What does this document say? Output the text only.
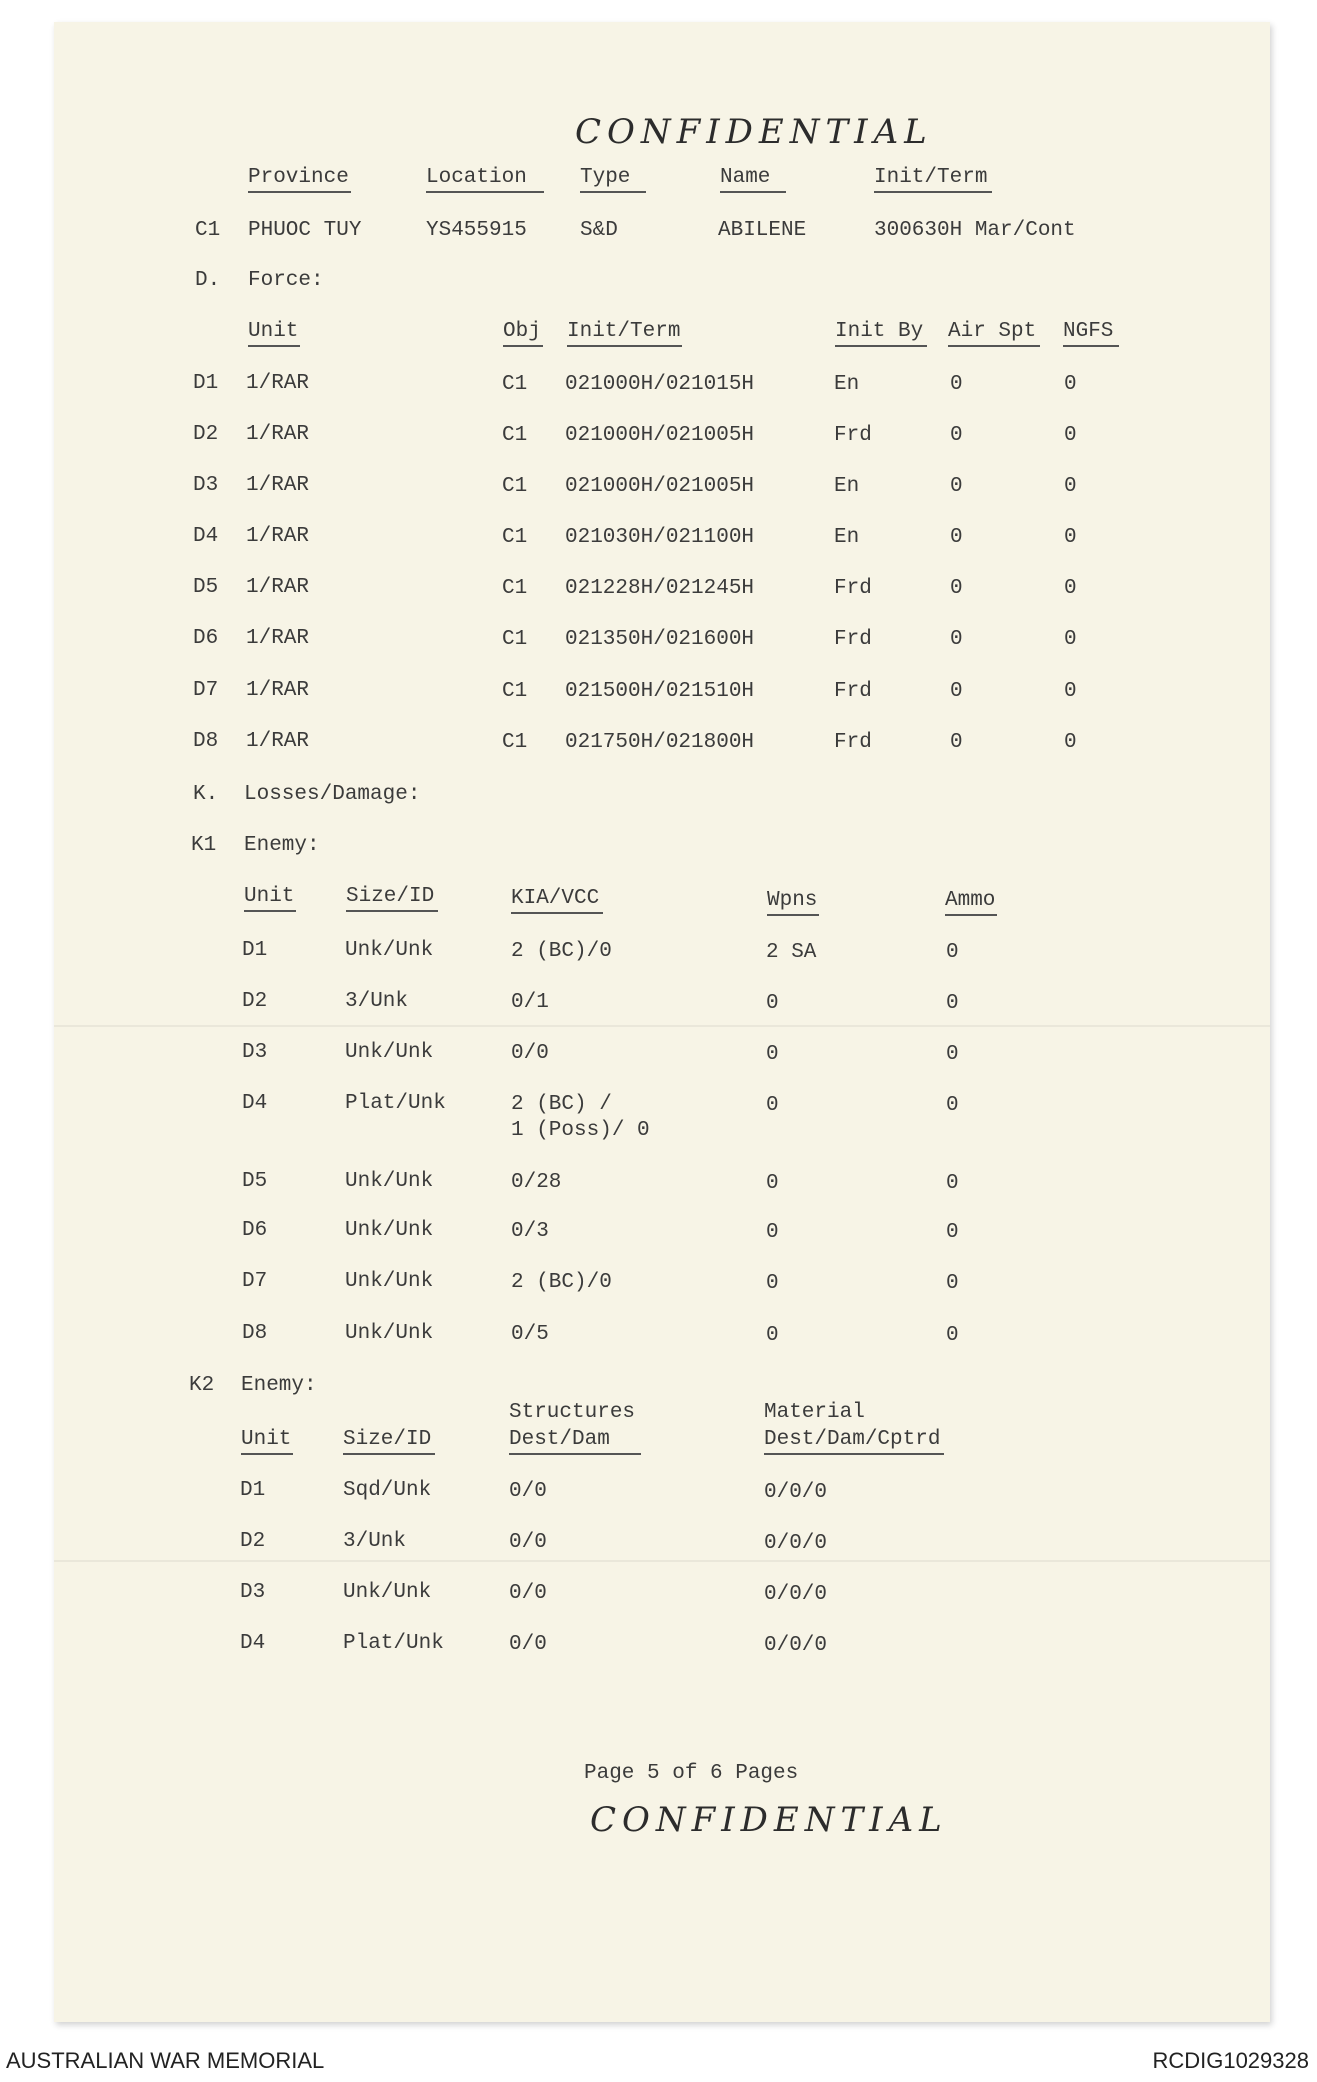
CONFIDENTIAL
Province	Location	Type	Name	Init/Term
C1 PHUOC TUY	YS455915	S&D	ABILENE	300630H Mar/Cont
D. Force:
Unit	Obj Init/Term	Init By Air Spt NGFS
D1 1/RAR	C1 021000H/021015H	En	0	0
D2 1/RAR	C1 021000H/021005H	Frd	0	0
D3 1/RAR	C1 021000H/021005H	En	0	0
D4 1/RAR	C1 021030H/021100H	En	0	0
D5 1/RAR	C1 021228H/021245H	Frd	0	0
D6 1/RAR	C1 021350H/021600H	Frd	0	0
D7 1/RAR	C1 021500H/021510H	Frd	0	0
D8 1/RAR	C1 021750H/021800H	Frd	0	0
K. Losses/Damage:
K1 Enemy:
Unit Size/ID	KIA/VCC	Wpns	Ammo
D1	Unk/Unk	2 (BC)/0	2 SA	0
D2	3/Unk	0/1	0	0
D3	Unk/Unk	0/0	0	0
D4	Plat/Unk	2 (BC) /
1 (Poss)/ 0
0	0
D5	Unk/Unk	0/28	0	0
D6	Unk/Unk	0/3	0	0
D7	Unk/Unk	2 (BC)/0	0	0
D8	Unk/Unk	0/5	0	0
K2 Enemy:
Structures	Material
Unit Size/ID	Dest/Dam	Dest/Dam/Cptrd
D1	Sqd/Unk	0/0	0/0/0
D2	3/Unk	0/0	0/0/0
D3	Unk/Unk	0/0	0/0/0
D4	Plat/Unk	0/0	0/0/0
Page 5 of 6 Pages
CONFIDENTIAL
AUSTRALIAN WAR MEMORIAL	RCDIG1029328
